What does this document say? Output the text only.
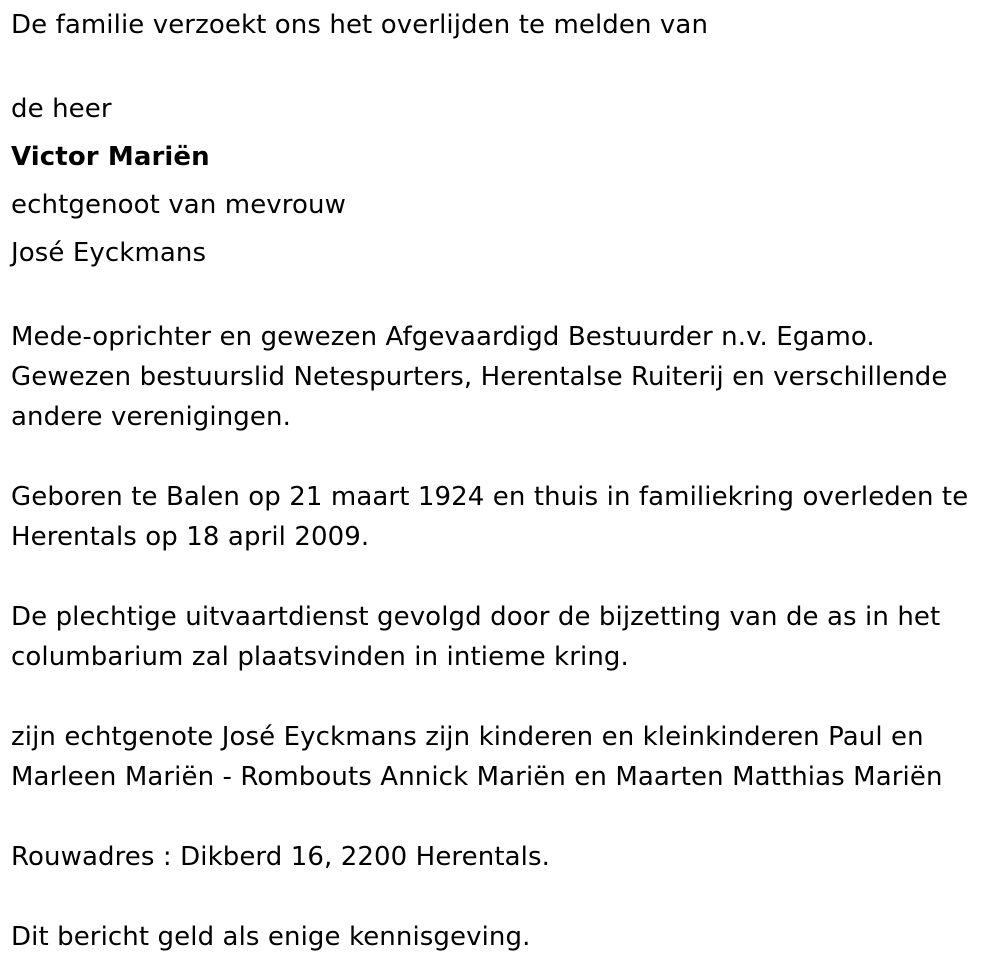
De familie verzoekt ons het overlijden te melden van

de heer

Victor Mariën

echtgenoot van mevrouw

José Eyckmans

Mede-oprichter en gewezen Afgevaardigd Bestuurder n.v. Egamo.
Gewezen bestuurslid Netespurters, Herentalse Ruiterij en verschillende andere verenigingen.

Geboren te Balen op 21 maart 1924 en thuis in familiekring overleden te Herentals op 18 april 2009.

De plechtige uitvaartdienst gevolgd door de bijzetting van de as in het columbarium zal plaatsvinden in intieme kring.

zijn echtgenote José Eyckmans zijn kinderen en kleinkinderen Paul en Marleen Mariën - Rombouts Annick Mariën en Maarten Matthias Mariën

Rouwadres : Dikberd 16, 2200 Herentals.

Dit bericht geld als enige kennisgeving.
